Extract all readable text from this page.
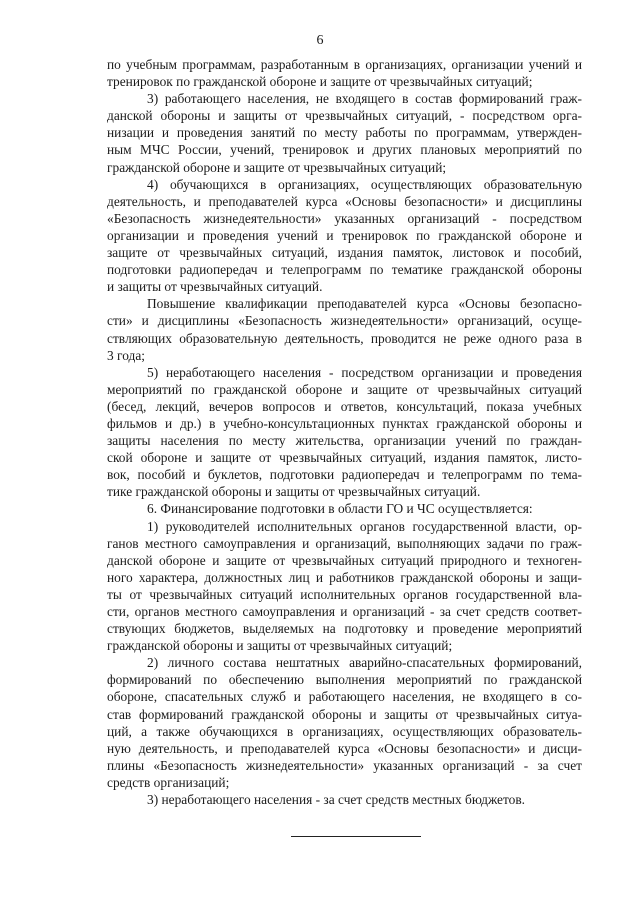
6

по учебным программам, разработанным в организациях, организации учений и
тренировок по гражданской обороне и защите от чрезвычайных ситуаций;

3) работающего населения, не входящего в состав формирований граж-
данской обороны и защиты от чрезвычайных ситуаций, - посредством орга-
низации и проведения занятий по месту работы по программам, утвержден-
ным МЧС России, учений, тренировок и других плановых мероприятий по
гражданской обороне и защите от чрезвычайных ситуаций;

4) обучающихся в организациях, осуществляющих образовательную
деятельность, и преподавателей курса «Основы безопасности» и дисциплины
«Безопасность жизнедеятельности» указанных организаций - посредством
организации и проведения учений и тренировок по гражданской обороне и
защите от чрезвычайных ситуаций, издания памяток, листовок и пособий,
подготовки радиопередач и телепрограмм по тематике гражданской обороны
и защиты от чрезвычайных ситуаций.

Повышение квалификации преподавателей курса «Основы безопасно-
сти» и дисциплины «Безопасность жизнедеятельности» организаций, осуще-
ствляющих образовательную деятельность, проводится не реже одного раза в
3 года;

5) неработающего населения - посредством организации и проведения
мероприятий по гражданской обороне и защите от чрезвычайных ситуаций
(бесед, лекций, вечеров вопросов и ответов, консультаций, показа учебных
фильмов и др.) в учебно-консультационных пунктах гражданской обороны и
защиты населения по месту жительства, организации учений по граждан-
ской обороне и защите от чрезвычайных ситуаций, издания памяток, листо-
вок, пособий и буклетов, подготовки радиопередач и телепрограмм по тема-
тике гражданской обороны и защиты от чрезвычайных ситуаций.

6. Финансирование подготовки в области ГО и ЧС осуществляется:

1) руководителей исполнительных органов государственной власти, ор-
ганов местного самоуправления и организаций, выполняющих задачи по граж-
данской обороне и защите от чрезвычайных ситуаций природного и техноген-
ного характера, должностных лиц и работников гражданской обороны и защи-
ты от чрезвычайных ситуаций исполнительных органов государственной вла-
сти, органов местного самоуправления и организаций - за счет средств соответ-
ствующих бюджетов, выделяемых на подготовку и проведение мероприятий
гражданской обороны и защиты от чрезвычайных ситуаций;

2) личного состава нештатных аварийно-спасательных формирований,
формирований по обеспечению выполнения мероприятий по гражданской
обороне, спасательных служб и работающего населения, не входящего в со-
став формирований гражданской обороны и защиты от чрезвычайных ситуа-
ций, а также обучающихся в организациях, осуществляющих образователь-
ную деятельность, и преподавателей курса «Основы безопасности» и дисци-
плины «Безопасность жизнедеятельности» указанных организаций - за счет
средств организаций;

3) неработающего населения - за счет средств местных бюджетов.
